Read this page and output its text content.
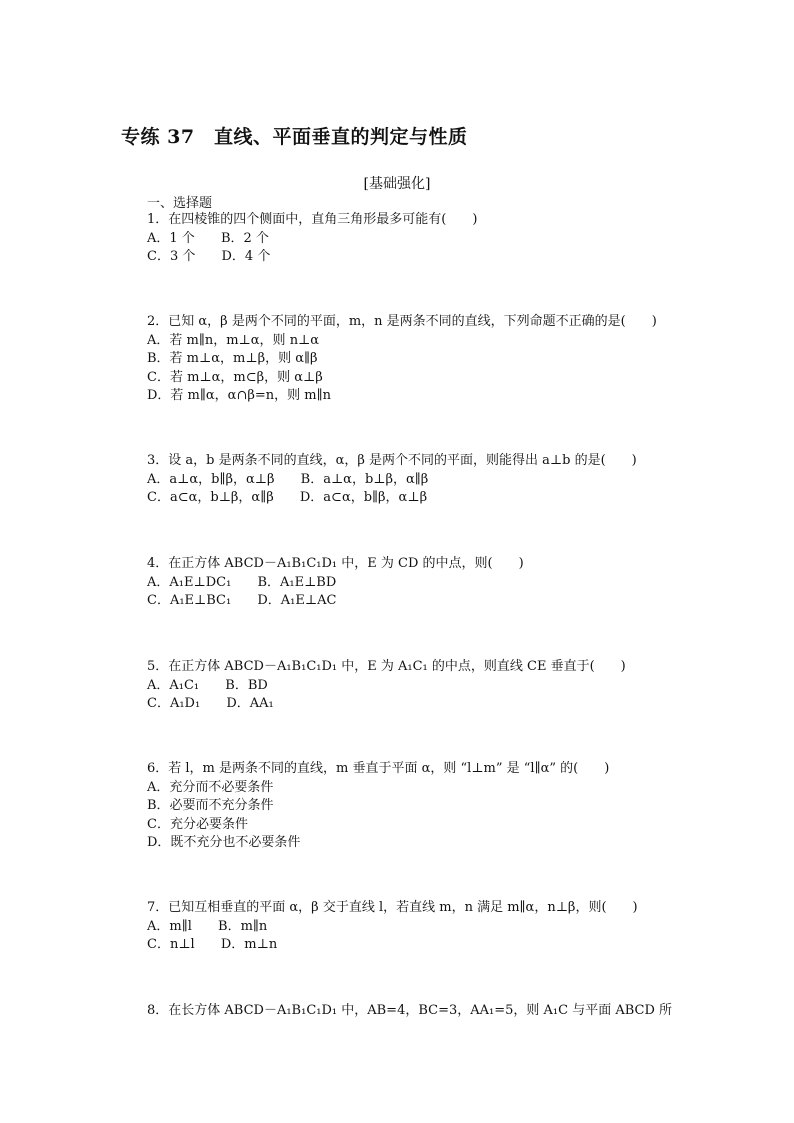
专练 37　直线、平面垂直的判定与性质
[基础强化]
一、选择题
1．在四棱锥的四个侧面中，直角三角形最多可能有(　　)
A．1 个 B．2 个
C．3 个 D．4 个
2．已知 α，β 是两个不同的平面，m，n 是两条不同的直线，下列命题不正确的是(　　)
A．若 m∥n，m⊥α，则 n⊥α
B．若 m⊥α，m⊥β，则 α∥β
C．若 m⊥α，m⊂β，则 α⊥β
D．若 m∥α，α∩β=n，则 m∥n
3．设 a，b 是两条不同的直线，α，β 是两个不同的平面，则能得出 a⊥b 的是(　　)
A．a⊥α，b∥β，α⊥β B．a⊥α，b⊥β，α∥β
C．a⊂α，b⊥β，α∥β D．a⊂α，b∥β，α⊥β
4．在正方体 ABCD－A₁B₁C₁D₁ 中，E 为 CD 的中点，则(　　)
A．A₁E⊥DC₁ B．A₁E⊥BD
C．A₁E⊥BC₁ D．A₁E⊥AC
5．在正方体 ABCD－A₁B₁C₁D₁ 中，E 为 A₁C₁ 的中点，则直线 CE 垂直于(　　)
A．A₁C₁ B．BD
C．A₁D₁ D．AA₁
6．若 l，m 是两条不同的直线，m 垂直于平面 α，则 “l⊥m” 是 “l∥α” 的(　　)
A．充分而不必要条件
B．必要而不充分条件
C．充分必要条件
D．既不充分也不必要条件
7．已知互相垂直的平面 α，β 交于直线 l，若直线 m，n 满足 m∥α，n⊥β，则(　　)
A．m∥l B．m∥n
C．n⊥l D．m⊥n
8．在长方体 ABCD－A₁B₁C₁D₁ 中，AB=4，BC=3，AA₁=5，则 A₁C 与平面 ABCD 所
